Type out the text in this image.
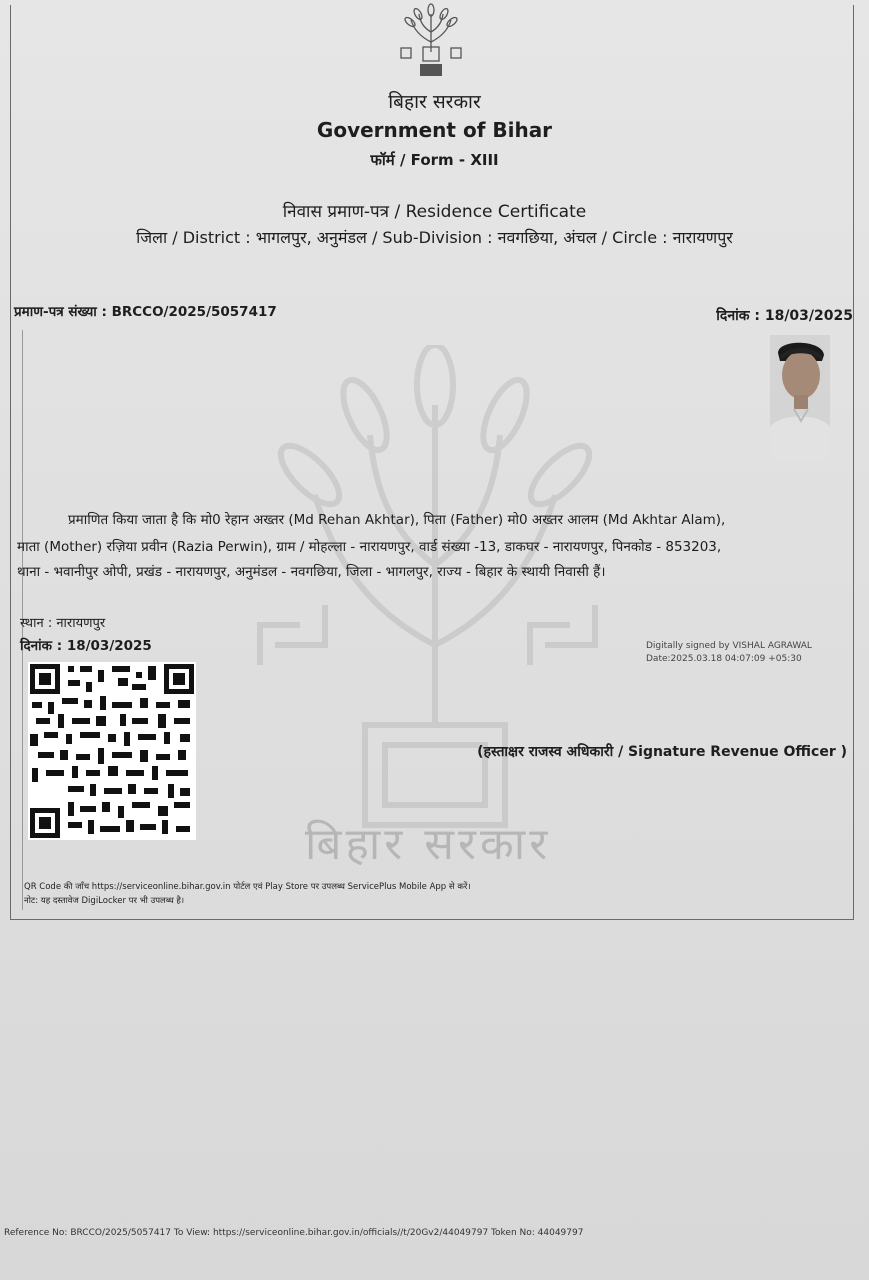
बिहार सरकार
Government of Bihar
फॉर्म / Form - XIII
निवास प्रमाण-पत्र / Residence Certificate
जिला / District : भागलपुर, अनुमंडल / Sub-Division : नवगछिया, अंचल / Circle : नारायणपुर
प्रमाण-पत्र संख्या : BRCCO/2025/5057417	दिनांक : 18/03/2025
बिहार सरकार
प्रमाणित किया जाता है कि मो0 रेहान अख्तर (Md Rehan Akhtar), पिता (Father) मो0 अख्तर आलम (Md Akhtar Alam),
माता (Mother) रज़िया प्रवीन (Razia Perwin), ग्राम / मोहल्ला - नारायणपुर, वार्ड संख्या -13, डाकघर - नारायणपुर, पिनकोड - 853203,
थाना - भवानीपुर ओपी, प्रखंड - नारायणपुर, अनुमंडल - नवगछिया, जिला - भागलपुर, राज्य - बिहार के स्थायी निवासी हैं।
स्थान : नारायणपुर
दिनांक : 18/03/2025	Digitally signed by VISHAL AGRAWAL
Date:2025.03.18 04:07:09 +05:30
(हस्ताक्षर राजस्व अधिकारी / Signature Revenue Officer )
QR Code की जाँच https://serviceonline.bihar.gov.in पोर्टल एवं Play Store पर उपलब्ध ServicePlus Mobile App से करें।
नोट: यह दस्तावेज DigiLocker पर भी उपलब्ध है।
Reference No: BRCCO/2025/5057417 To View: https://serviceonline.bihar.gov.in/officials//t/20Gv2/44049797 Token No: 44049797
